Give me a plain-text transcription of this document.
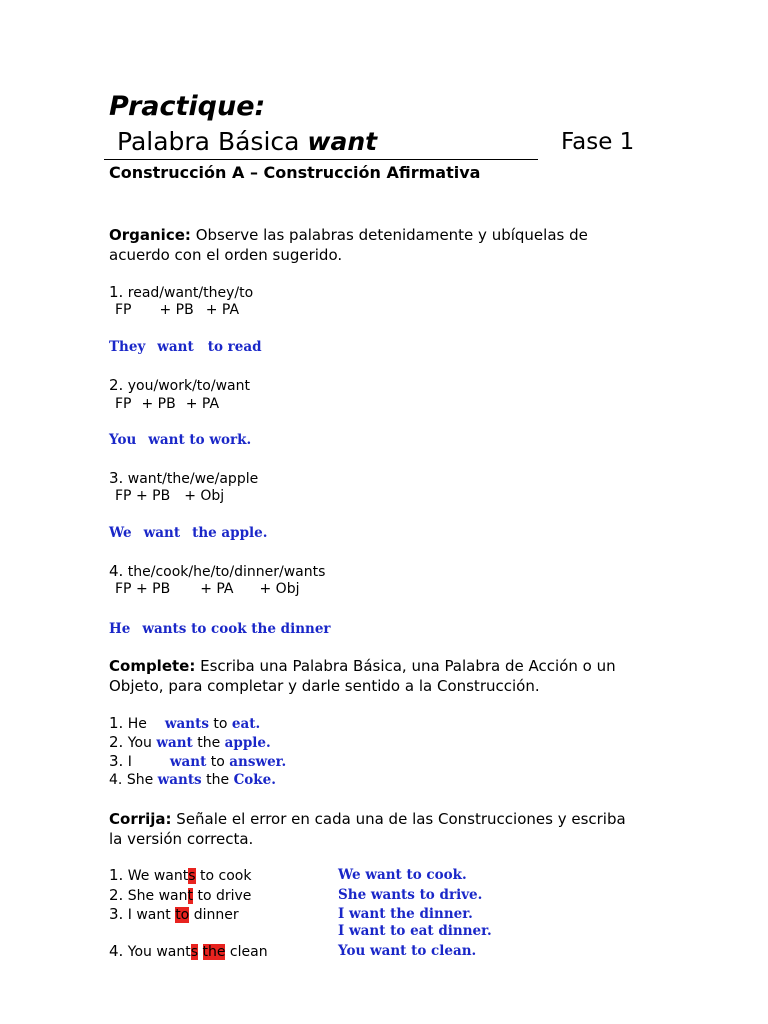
Practique:
Palabra Básica want	Fase 1
Construcción A – Construcción Afirmativa
Organice: Observe las palabras detenidamente y ubíquelas de
acuerdo con el orden sugerido.
1. read/want/they/to
FP + PB + PA
They want to read
2. you/work/to/want
FP + PB + PA
You want to work.
3. want/the/we/apple
FP + PB + Obj
We want the apple.
4. the/cook/he/to/dinner/wants
FP + PB + PA + Obj
He wants to cook the dinner
Complete: Escriba una Palabra Básica, una Palabra de Acción o un
Objeto, para completar y darle sentido a la Construcción.
1. He wants to eat.
2. You want the apple.
3. I	want to answer.
4. She wants the Coke.
Corrija: Señale el error en cada una de las Construcciones y escriba
la versión correcta.
1. We wants to cook	We want to cook.
2. She want to drive	She wants to drive.
3. I want to dinner	I want the dinner.
I want to eat dinner.
4. You wants the clean	You want to clean.
